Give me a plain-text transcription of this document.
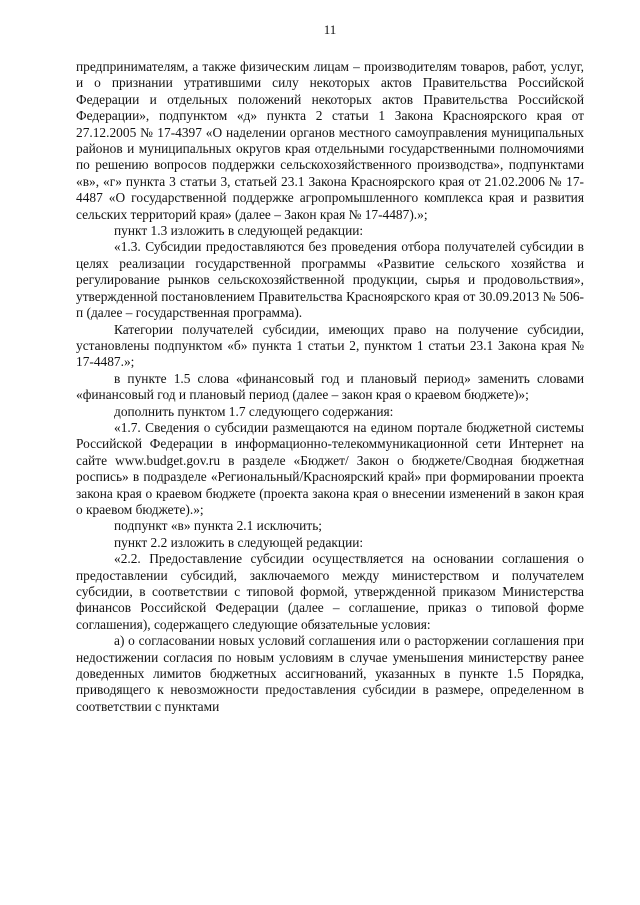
11

предпринимателям, а также физическим лицам – производителям товаров, работ, услуг, и о признании утратившими силу некоторых актов Правительства Российской Федерации и отдельных положений некоторых актов Правительства Российской Федерации», подпунктом «д» пункта 2 статьи 1 Закона Красноярского края от 27.12.2005 № 17-4397 «О наделении органов местного самоуправления муниципальных районов и муниципальных округов края отдельными государственными полномочиями по решению вопросов поддержки сельскохозяйственного производства», подпунктами «в», «г» пункта 3 статьи 3, статьей 23.1 Закона Красноярского края от 21.02.2006 № 17-4487 «О государственной поддержке агропромышленного комплекса края и развития сельских территорий края» (далее – Закон края № 17-4487).»;

пункт 1.3 изложить в следующей редакции:

«1.3. Субсидии предоставляются без проведения отбора получателей субсидии в целях реализации государственной программы «Развитие сельского хозяйства и регулирование рынков сельскохозяйственной продукции, сырья и продовольствия», утвержденной постановлением Правительства Красноярского края от 30.09.2013 № 506-п (далее – государственная программа).

Категории получателей субсидии, имеющих право на получение субсидии, установлены подпунктом «б» пункта 1 статьи 2, пунктом 1 статьи 23.1 Закона края № 17-4487.»;

в пункте 1.5 слова «финансовый год и плановый период» заменить словами «финансовый год и плановый период (далее – закон края о краевом бюджете)»;

дополнить пунктом 1.7 следующего содержания:

«1.7. Сведения о субсидии размещаются на едином портале бюджетной системы Российской Федерации в информационно-телекоммуникационной сети Интернет на сайте www.budget.gov.ru в разделе «Бюджет/ Закон о бюджете/Сводная бюджетная роспись» в подразделе «Региональный/Красноярский край» при формировании проекта закона края о краевом бюджете (проекта закона края о внесении изменений в закон края о краевом бюджете).»;

подпункт «в» пункта 2.1 исключить;

пункт 2.2 изложить в следующей редакции:

«2.2. Предоставление субсидии осуществляется на основании соглашения о предоставлении субсидий, заключаемого между министерством и получателем субсидии, в соответствии с типовой формой, утвержденной приказом Министерства финансов Российской Федерации (далее – соглашение, приказ о типовой форме соглашения), содержащего следующие обязательные условия:

а) о согласовании новых условий соглашения или о расторжении соглашения при недостижении согласия по новым условиям в случае уменьшения министерству ранее доведенных лимитов бюджетных ассигнований, указанных в пункте 1.5 Порядка, приводящего к невозможности предоставления субсидии в размере, определенном в соответствии с пунктами
